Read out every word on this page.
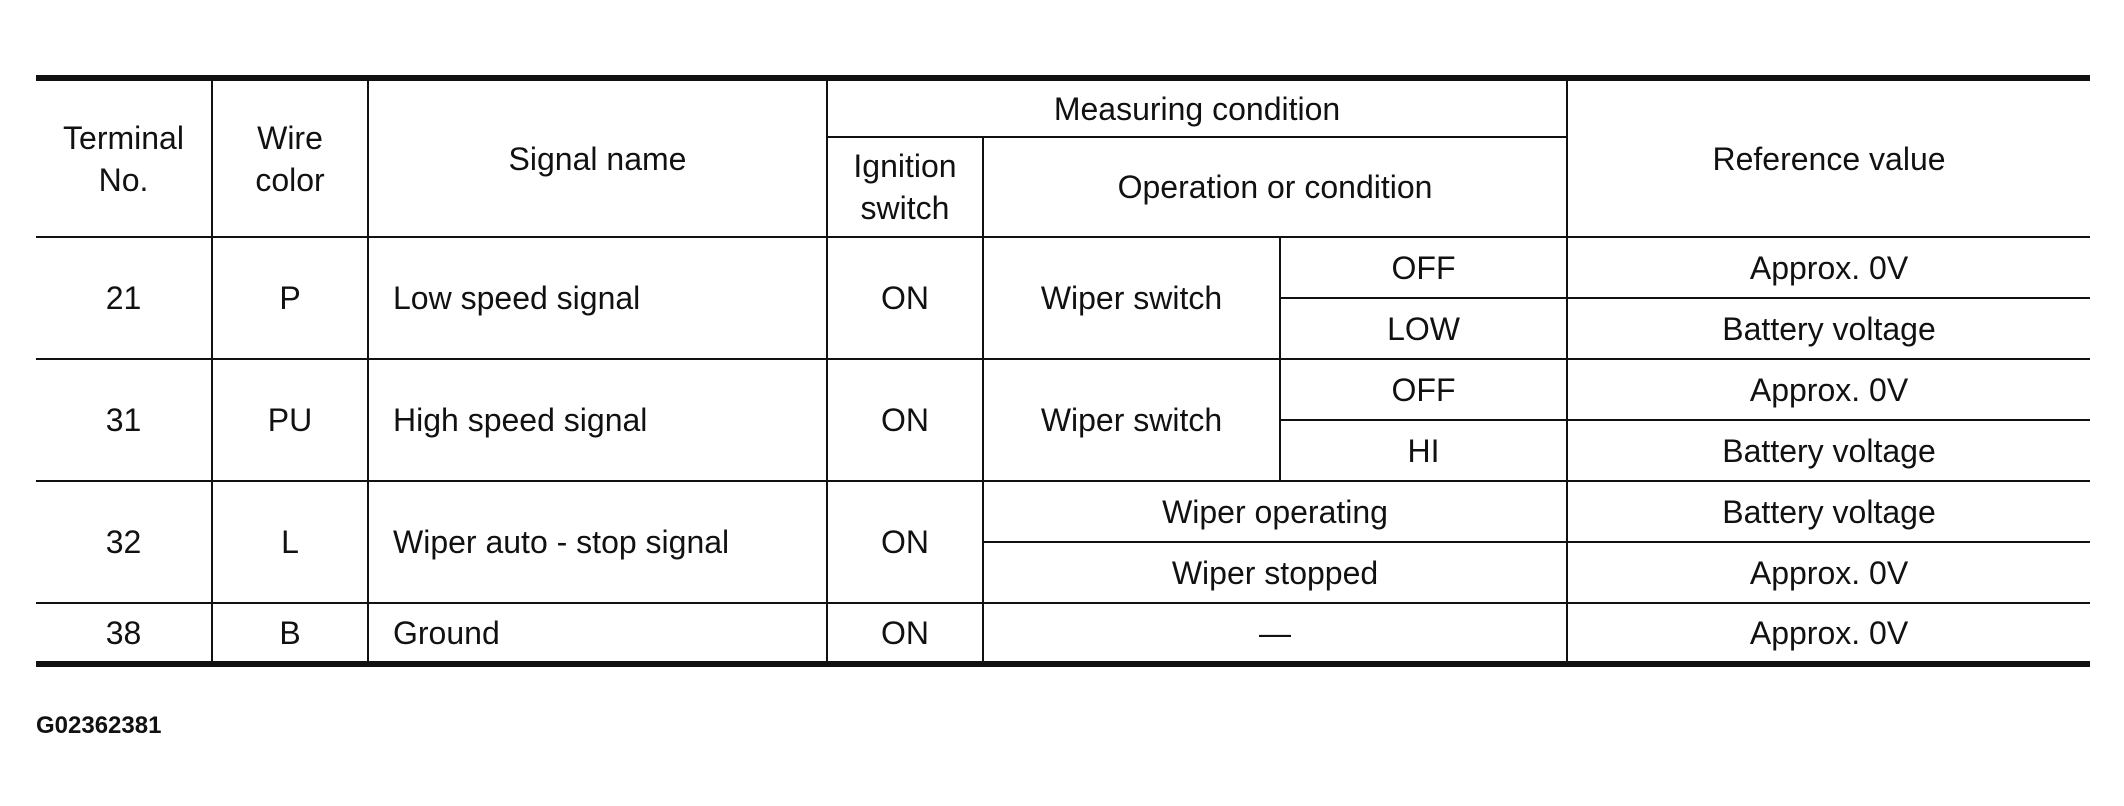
Terminal No.	Wire color	Signal name	Measuring condition			Reference value
			Ignition switch	Operation or condition		
21	P	Low speed signal	ON	Wiper switch	OFF	Approx. 0V
					LOW	Battery voltage
31	PU	High speed signal	ON	Wiper switch	OFF	Approx. 0V
					HI	Battery voltage
32	L	Wiper auto - stop signal	ON	Wiper operating		Battery voltage
				Wiper stopped		Approx. 0V
38	B	Ground	ON	—		Approx. 0V
G02362381
